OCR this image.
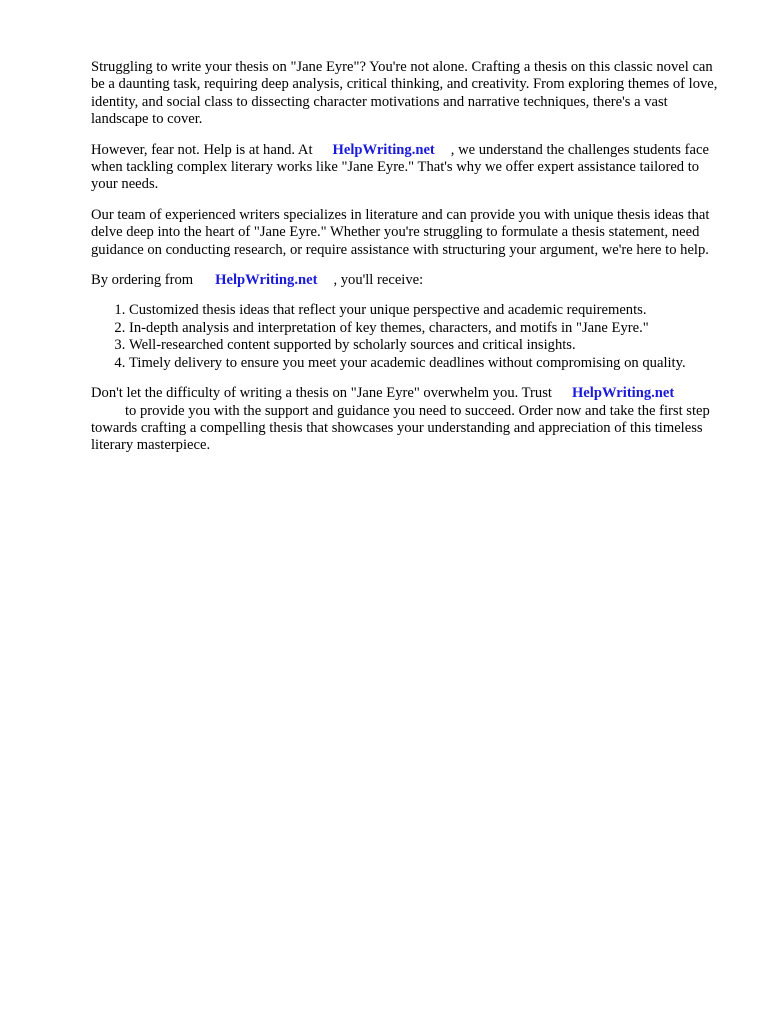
Struggling to write your thesis on "Jane Eyre"? You're not alone. Crafting a thesis on this classic novel can be a daunting task, requiring deep analysis, critical thinking, and creativity. From exploring themes of love, identity, and social class to dissecting character motivations and narrative techniques, there's a vast landscape to cover.

However, fear not. Help is at hand. At HelpWriting.net , we understand the challenges students face when tackling complex literary works like "Jane Eyre." That's why we offer expert assistance tailored to your needs.

Our team of experienced writers specializes in literature and can provide you with unique thesis ideas that delve deep into the heart of "Jane Eyre." Whether you're struggling to formulate a thesis statement, need guidance on conducting research, or require assistance with structuring your argument, we're here to help.

By ordering from HelpWriting.net , you'll receive:

1. Customized thesis ideas that reflect your unique perspective and academic requirements.
2. In-depth analysis and interpretation of key themes, characters, and motifs in "Jane Eyre."
3. Well-researched content supported by scholarly sources and critical insights.
4. Timely delivery to ensure you meet your academic deadlines without compromising on quality.

Don't let the difficulty of writing a thesis on "Jane Eyre" overwhelm you. Trust HelpWriting.net
to provide you with the support and guidance you need to succeed. Order now and take the first step towards crafting a compelling thesis that showcases your understanding and appreciation of this timeless literary masterpiece.
